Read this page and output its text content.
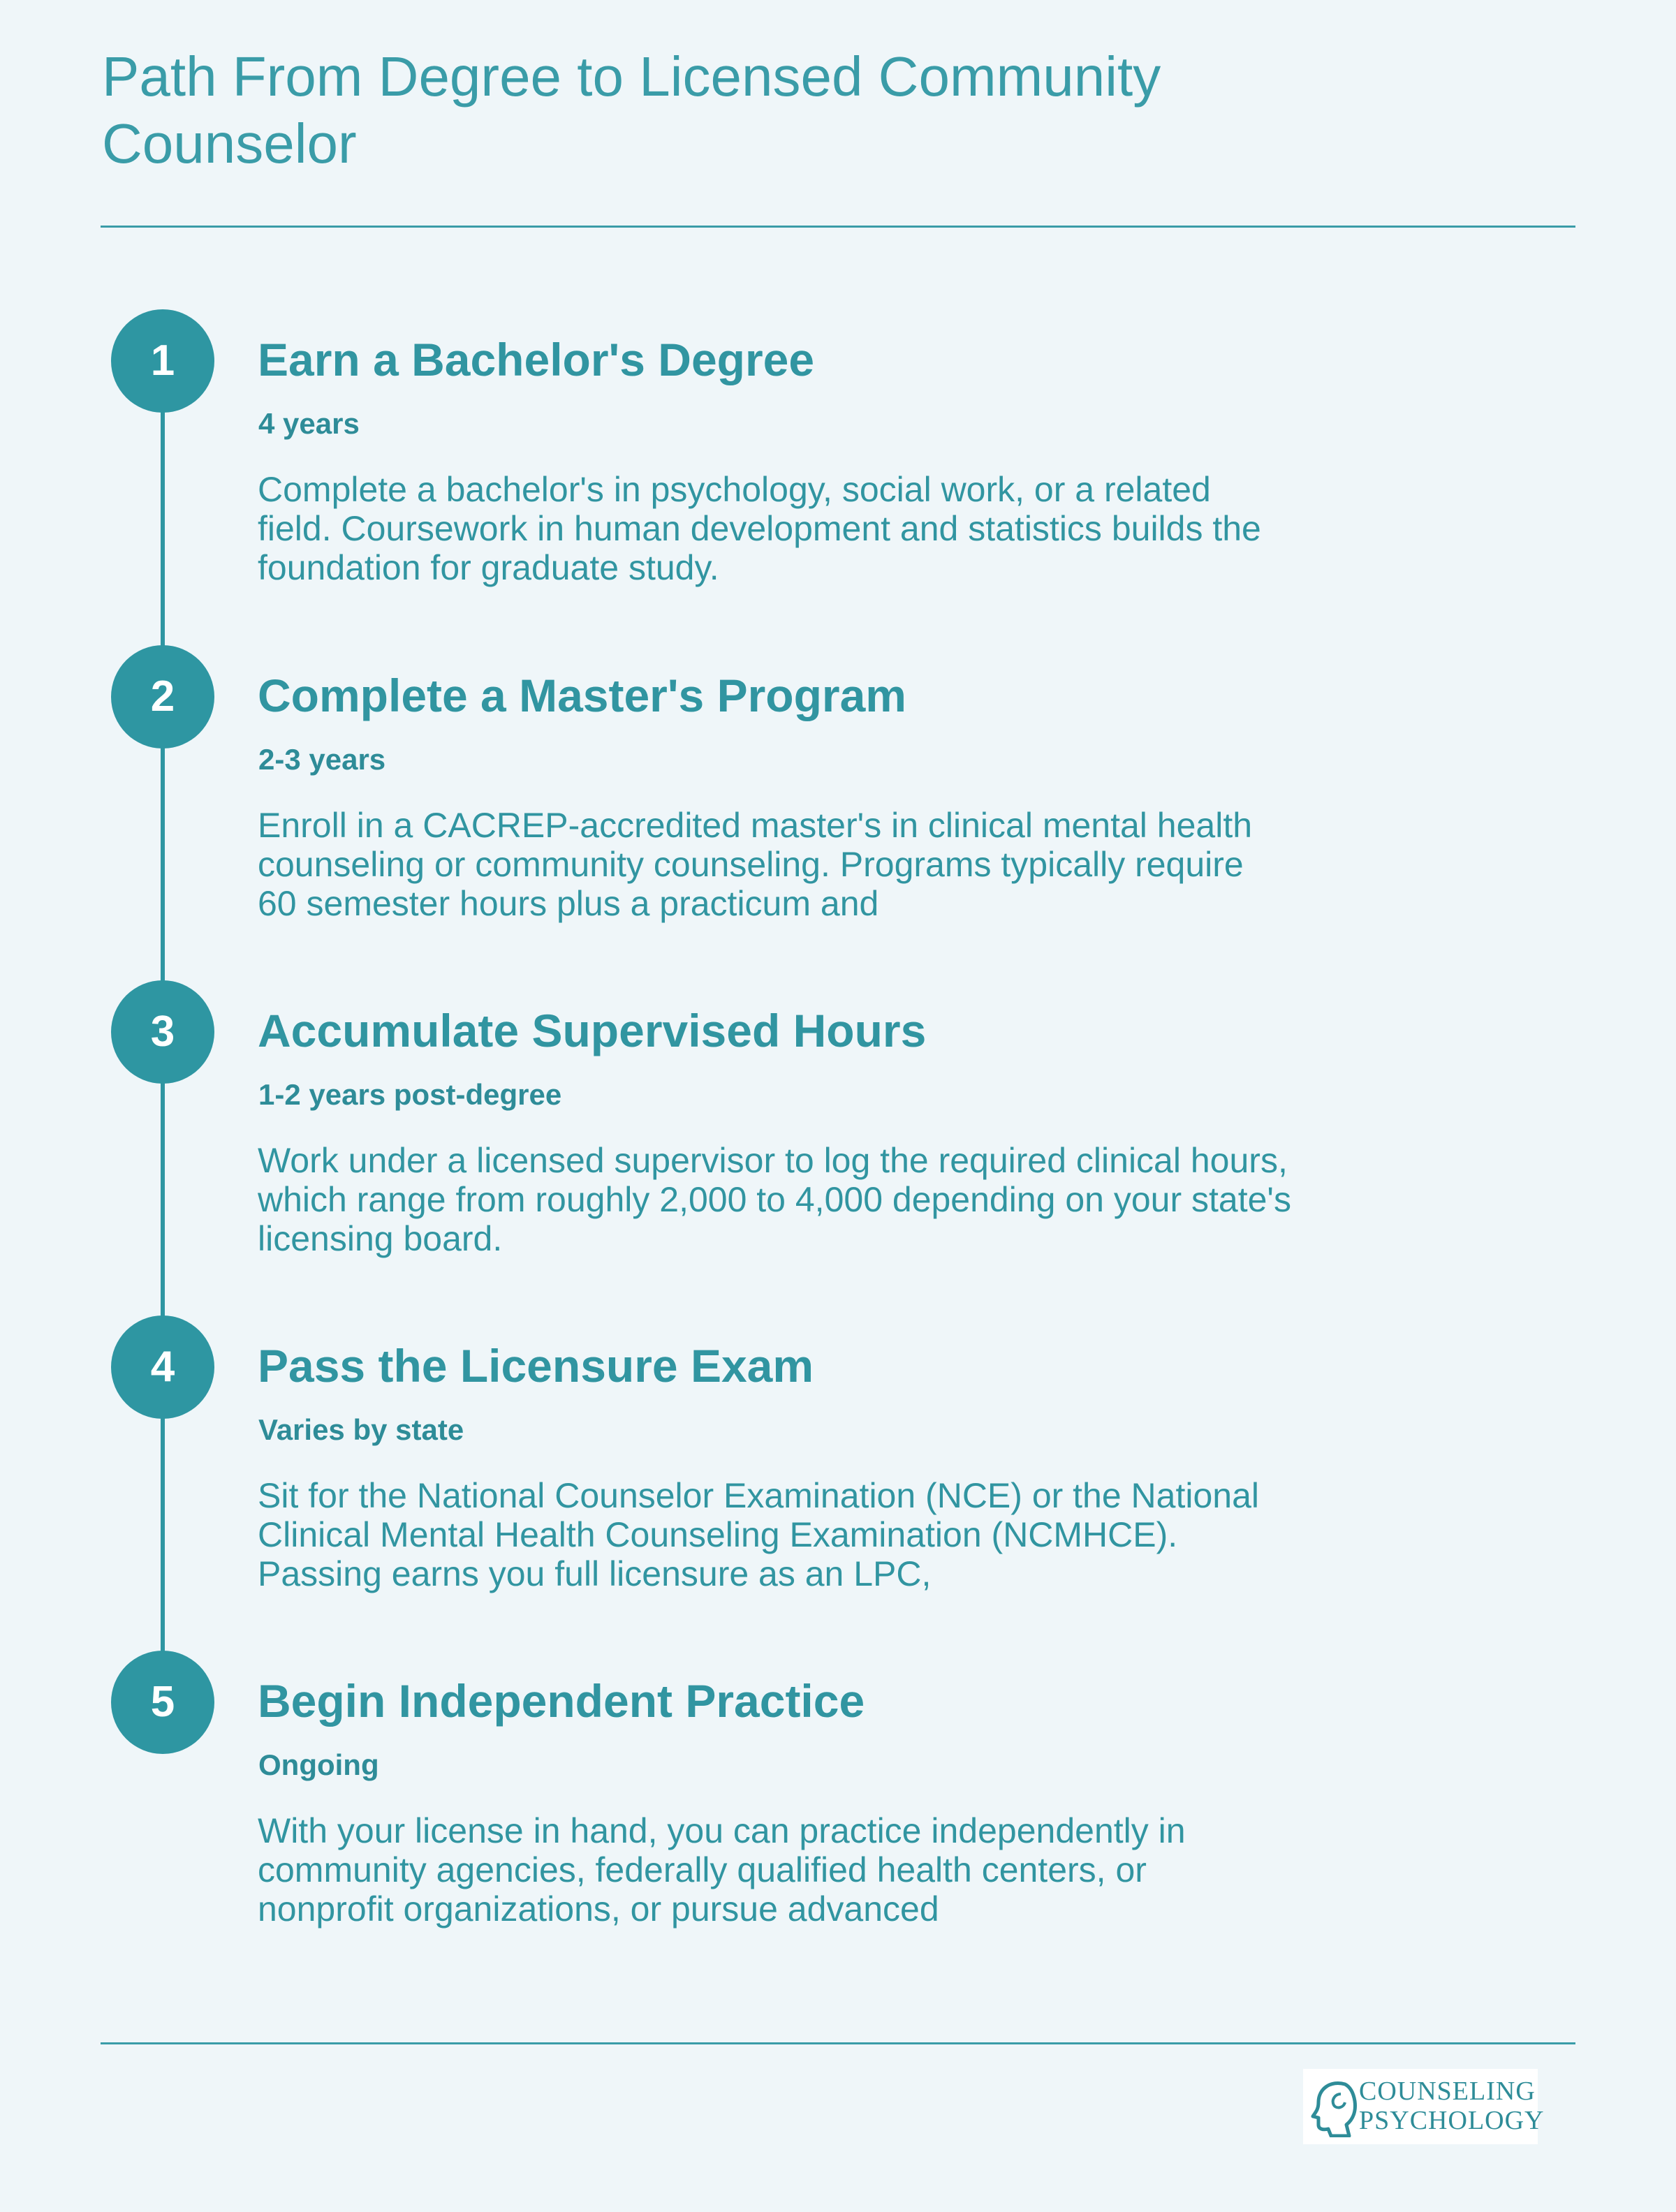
Path From Degree to Licensed Community Counselor
1	Earn a Bachelor's Degree
4 years

Complete a bachelor's in psychology, social work, or a related field. Coursework in human development and statistics builds the foundation for graduate study.

2	Complete a Master's Program
2-3 years

Enroll in a CACREP-accredited master's in clinical mental health counseling or community counseling. Programs typically require 60 semester hours plus a practicum and

3	Accumulate Supervised Hours
1-2 years post-degree

Work under a licensed supervisor to log the required clinical hours, which range from roughly 2,000 to 4,000 depending on your state's licensing board.

4	Pass the Licensure Exam
Varies by state

Sit for the National Counselor Examination (NCE) or the National Clinical Mental Health Counseling Examination (NCMHCE). Passing earns you full licensure as an LPC,

5	Begin Independent Practice
Ongoing

With your license in hand, you can practice independently in community agencies, federally qualified health centers, or nonprofit organizations, or pursue advanced

COUNSELING
PSYCHOLOGY
